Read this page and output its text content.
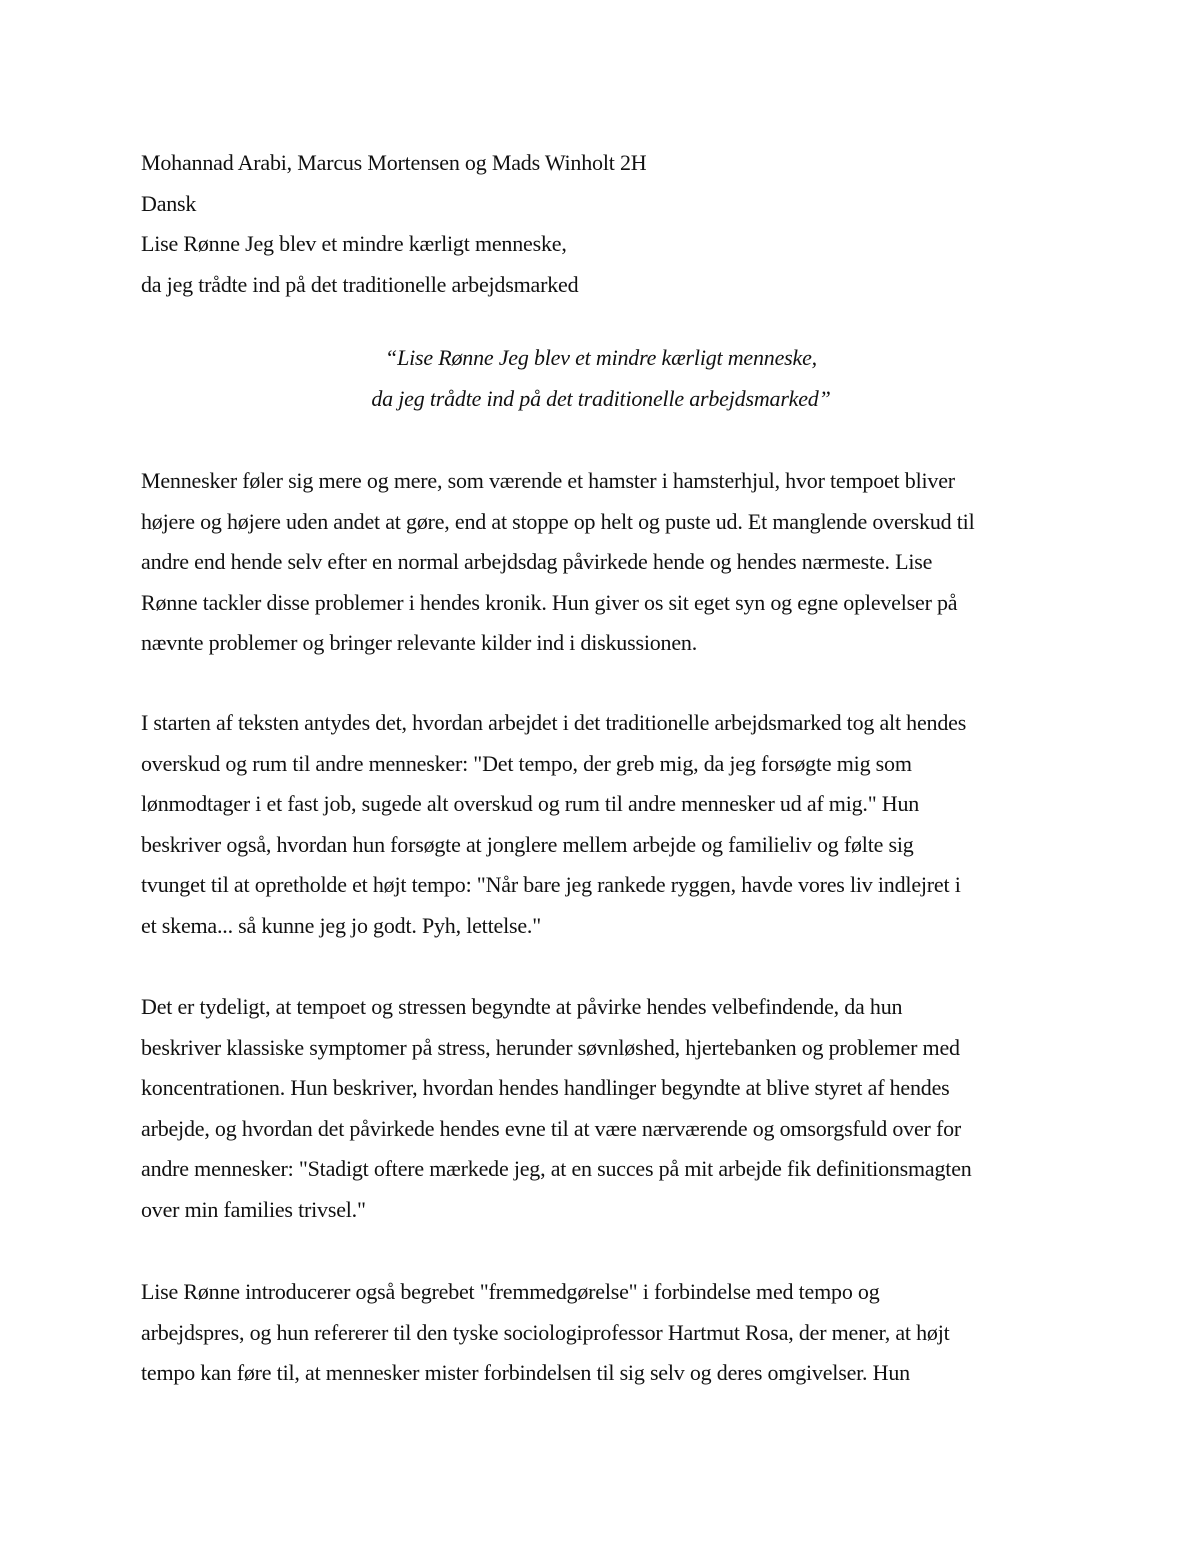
Mohannad Arabi, Marcus Mortensen og Mads Winholt 2H
Dansk
Lise Rønne Jeg blev et mindre kærligt menneske,
da jeg trådte ind på det traditionelle arbejdsmarked
“Lise Rønne Jeg blev et mindre kærligt menneske,
da jeg trådte ind på det traditionelle arbejdsmarked”
Mennesker føler sig mere og mere, som værende et hamster i hamsterhjul, hvor tempoet bliver
højere og højere uden andet at gøre, end at stoppe op helt og puste ud. Et manglende overskud til
andre end hende selv efter en normal arbejdsdag påvirkede hende og hendes nærmeste. Lise
Rønne tackler disse problemer i hendes kronik. Hun giver os sit eget syn og egne oplevelser på
nævnte problemer og bringer relevante kilder ind i diskussionen.
I starten af teksten antydes det, hvordan arbejdet i det traditionelle arbejdsmarked tog alt hendes
overskud og rum til andre mennesker: "Det tempo, der greb mig, da jeg forsøgte mig som
lønmodtager i et fast job, sugede alt overskud og rum til andre mennesker ud af mig." Hun
beskriver også, hvordan hun forsøgte at jonglere mellem arbejde og familieliv og følte sig
tvunget til at opretholde et højt tempo: "Når bare jeg rankede ryggen, havde vores liv indlejret i
et skema... så kunne jeg jo godt. Pyh, lettelse."
Det er tydeligt, at tempoet og stressen begyndte at påvirke hendes velbefindende, da hun
beskriver klassiske symptomer på stress, herunder søvnløshed, hjertebanken og problemer med
koncentrationen. Hun beskriver, hvordan hendes handlinger begyndte at blive styret af hendes
arbejde, og hvordan det påvirkede hendes evne til at være nærværende og omsorgsfuld over for
andre mennesker: "Stadigt oftere mærkede jeg, at en succes på mit arbejde fik definitionsmagten
over min families trivsel."
Lise Rønne introducerer også begrebet "fremmedgørelse" i forbindelse med tempo og
arbejdspres, og hun refererer til den tyske sociologiprofessor Hartmut Rosa, der mener, at højt
tempo kan føre til, at mennesker mister forbindelsen til sig selv og deres omgivelser. Hun
